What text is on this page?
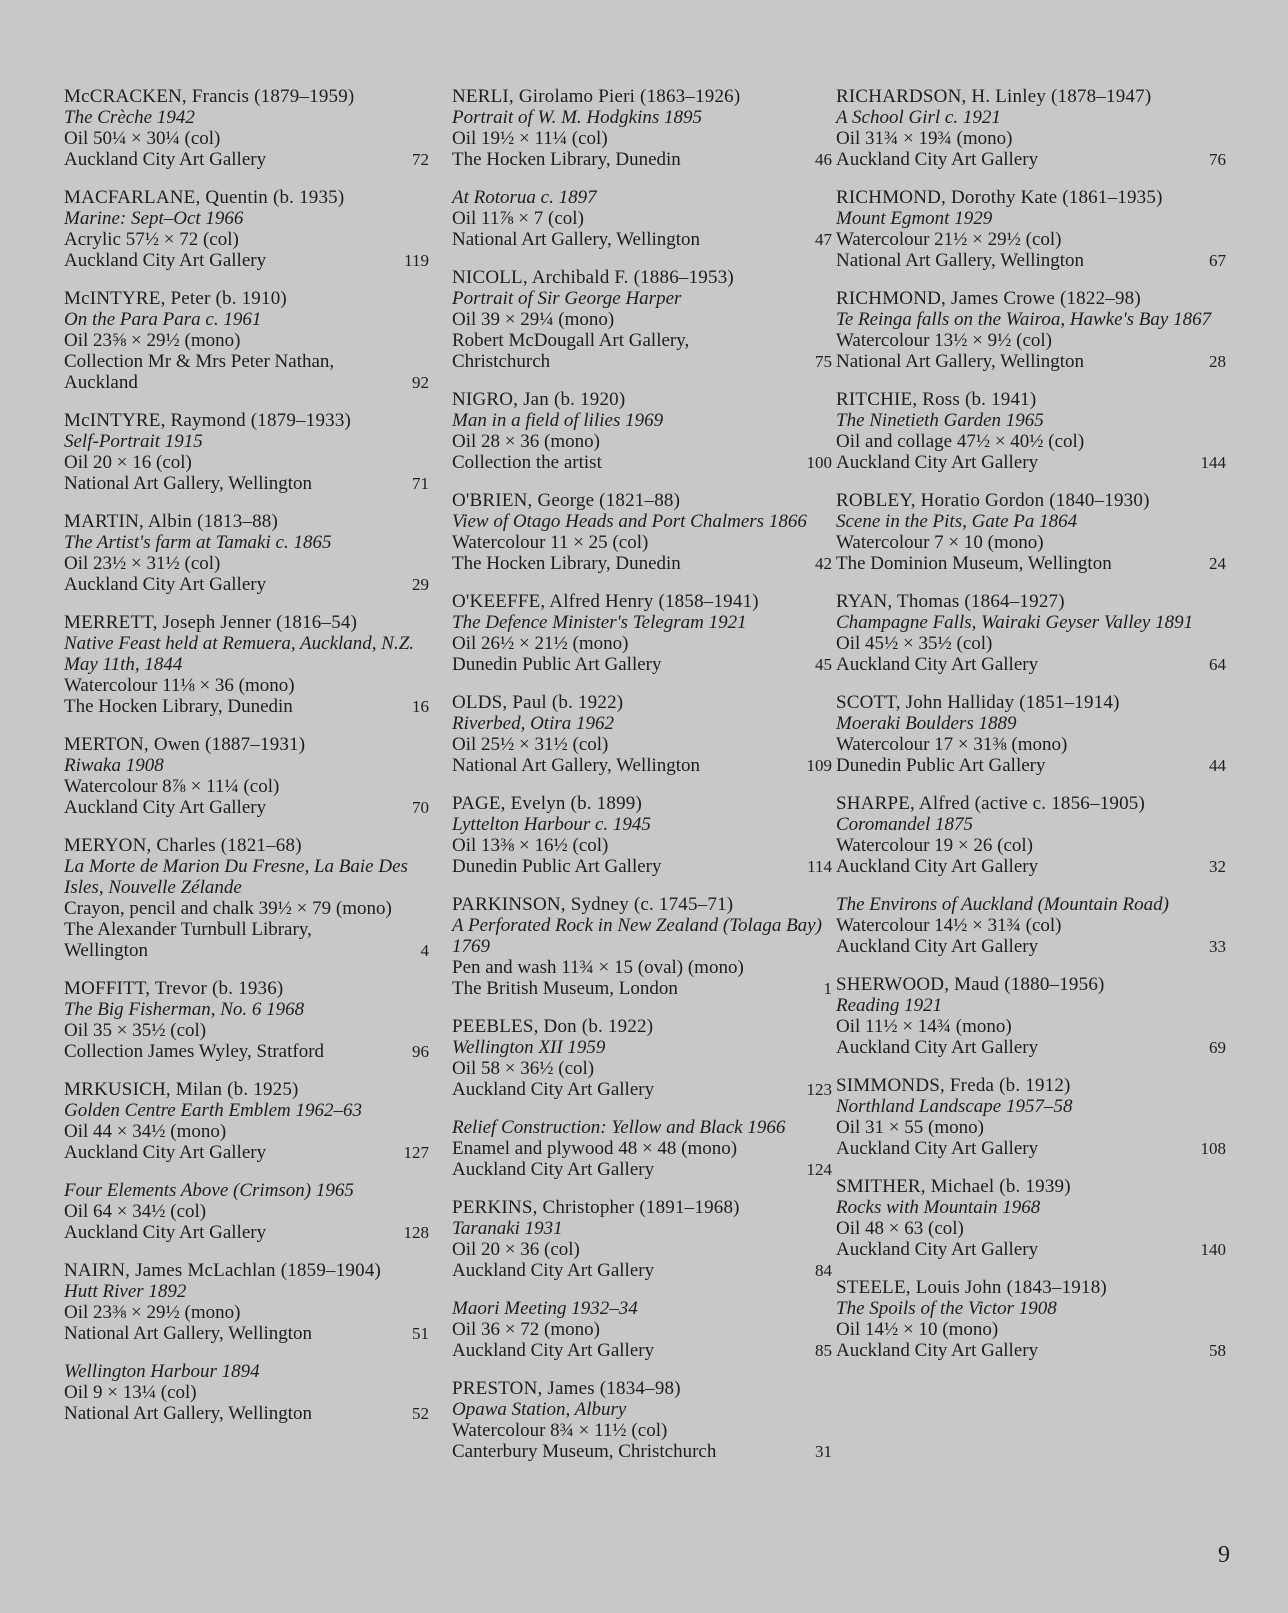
McCRACKEN, Francis (1879–1959)
The Crèche 1942
Oil 50¼ × 30¼ (col)
Auckland City Art Gallery	72
MACFARLANE, Quentin (b. 1935)
Marine: Sept–Oct 1966
Acrylic 57½ × 72 (col)
Auckland City Art Gallery	119
McINTYRE, Peter (b. 1910)
On the Para Para c. 1961
Oil 23⅝ × 29½ (mono)
Collection Mr & Mrs Peter Nathan,
Auckland	92
McINTYRE, Raymond (1879–1933)
Self-Portrait 1915
Oil 20 × 16 (col)
National Art Gallery, Wellington	71
MARTIN, Albin (1813–88)
The Artist's farm at Tamaki c. 1865
Oil 23½ × 31½ (col)
Auckland City Art Gallery	29
MERRETT, Joseph Jenner (1816–54)
Native Feast held at Remuera, Auckland, N.Z. May 11th, 1844
Watercolour 11⅛ × 36 (mono)
The Hocken Library, Dunedin	16
MERTON, Owen (1887–1931)
Riwaka 1908
Watercolour 8⅞ × 11¼ (col)
Auckland City Art Gallery	70
MERYON, Charles (1821–68)
La Morte de Marion Du Fresne, La Baie Des Isles, Nouvelle Zélande
Crayon, pencil and chalk 39½ × 79 (mono)
The Alexander Turnbull Library,
Wellington	4
MOFFITT, Trevor (b. 1936)
The Big Fisherman, No. 6 1968
Oil 35 × 35½ (col)
Collection James Wyley, Stratford	96
MRKUSICH, Milan (b. 1925)
Golden Centre Earth Emblem 1962–63
Oil 44 × 34½ (mono)
Auckland City Art Gallery	127
Four Elements Above (Crimson) 1965
Oil 64 × 34½ (col)
Auckland City Art Gallery	128
NAIRN, James McLachlan (1859–1904)
Hutt River 1892
Oil 23⅜ × 29½ (mono)
National Art Gallery, Wellington	51
Wellington Harbour 1894
Oil 9 × 13¼ (col)
National Art Gallery, Wellington	52
NERLI, Girolamo Pieri (1863–1926)
Portrait of W. M. Hodgkins 1895
Oil 19½ × 11¼ (col)
The Hocken Library, Dunedin	46
At Rotorua c. 1897
Oil 11⅞ × 7 (col)
National Art Gallery, Wellington	47
NICOLL, Archibald F. (1886–1953)
Portrait of Sir George Harper
Oil 39 × 29¼ (mono)
Robert McDougall Art Gallery,
Christchurch	75
NIGRO, Jan (b. 1920)
Man in a field of lilies 1969
Oil 28 × 36 (mono)
Collection the artist	100
O'BRIEN, George (1821–88)
View of Otago Heads and Port Chalmers 1866
Watercolour 11 × 25 (col)
The Hocken Library, Dunedin	42
O'KEEFFE, Alfred Henry (1858–1941)
The Defence Minister's Telegram 1921
Oil 26½ × 21½ (mono)
Dunedin Public Art Gallery	45
OLDS, Paul (b. 1922)
Riverbed, Otira 1962
Oil 25½ × 31½ (col)
National Art Gallery, Wellington	109
PAGE, Evelyn (b. 1899)
Lyttelton Harbour c. 1945
Oil 13⅜ × 16½ (col)
Dunedin Public Art Gallery	114
PARKINSON, Sydney (c. 1745–71)
A Perforated Rock in New Zealand (Tolaga Bay) 1769
Pen and wash 11¾ × 15 (oval) (mono)
The British Museum, London	1
PEEBLES, Don (b. 1922)
Wellington XII 1959
Oil 58 × 36½ (col)
Auckland City Art Gallery	123
Relief Construction: Yellow and Black 1966
Enamel and plywood 48 × 48 (mono)
Auckland City Art Gallery	124
PERKINS, Christopher (1891–1968)
Taranaki 1931
Oil 20 × 36 (col)
Auckland City Art Gallery	84
Maori Meeting 1932–34
Oil 36 × 72 (mono)
Auckland City Art Gallery	85
PRESTON, James (1834–98)
Opawa Station, Albury
Watercolour 8¾ × 11½ (col)
Canterbury Museum, Christchurch	31
RICHARDSON, H. Linley (1878–1947)
A School Girl c. 1921
Oil 31¾ × 19¾ (mono)
Auckland City Art Gallery	76
RICHMOND, Dorothy Kate (1861–1935)
Mount Egmont 1929
Watercolour 21½ × 29½ (col)
National Art Gallery, Wellington	67
RICHMOND, James Crowe (1822–98)
Te Reinga falls on the Wairoa, Hawke's Bay 1867
Watercolour 13½ × 9½ (col)
National Art Gallery, Wellington	28
RITCHIE, Ross (b. 1941)
The Ninetieth Garden 1965
Oil and collage 47½ × 40½ (col)
Auckland City Art Gallery	144
ROBLEY, Horatio Gordon (1840–1930)
Scene in the Pits, Gate Pa 1864
Watercolour 7 × 10 (mono)
The Dominion Museum, Wellington	24
RYAN, Thomas (1864–1927)
Champagne Falls, Wairaki Geyser Valley 1891
Oil 45½ × 35½ (col)
Auckland City Art Gallery	64
SCOTT, John Halliday (1851–1914)
Moeraki Boulders 1889
Watercolour 17 × 31⅜ (mono)
Dunedin Public Art Gallery	44
SHARPE, Alfred (active c. 1856–1905)
Coromandel 1875
Watercolour 19 × 26 (col)
Auckland City Art Gallery	32
The Environs of Auckland (Mountain Road)
Watercolour 14½ × 31¾ (col)
Auckland City Art Gallery	33
SHERWOOD, Maud (1880–1956)
Reading 1921
Oil 11½ × 14¾ (mono)
Auckland City Art Gallery	69
SIMMONDS, Freda (b. 1912)
Northland Landscape 1957–58
Oil 31 × 55 (mono)
Auckland City Art Gallery	108
SMITHER, Michael (b. 1939)
Rocks with Mountain 1968
Oil 48 × 63 (col)
Auckland City Art Gallery	140
STEELE, Louis John (1843–1918)
The Spoils of the Victor 1908
Oil 14½ × 10 (mono)
Auckland City Art Gallery	58
9
